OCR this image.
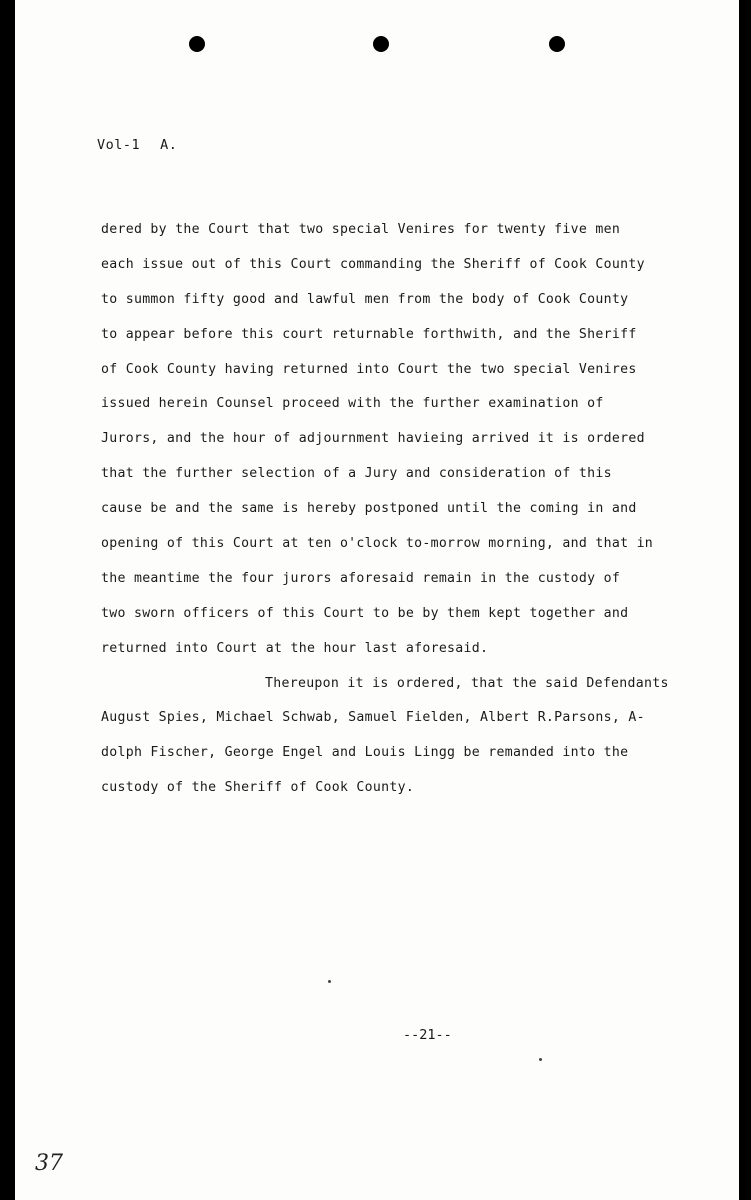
Vol-1 A.
dered by the Court that two special Venires for twenty five men
each issue out of this Court commanding the Sheriff of Cook County
to summon fifty good and lawful men from the body of Cook County
to appear before this court returnable forthwith, and the Sheriff
of Cook County having returned into Court the two special Venires
issued herein Counsel proceed with the further examination of
Jurors, and the hour of adjournment havieing arrived it is ordered
that the further selection of a Jury and consideration of this
cause be and the same is hereby postponed until the coming in and
opening of this Court at ten o'clock to-morrow morning, and that in
the meantime the four jurors aforesaid remain in the custody of
two sworn officers of this Court to be by them kept together and
returned into Court at the hour last aforesaid.
Thereupon it is ordered, that the said Defendants
August Spies, Michael Schwab, Samuel Fielden, Albert R.Parsons, A-
dolph Fischer, George Engel and Louis Lingg be remanded into the
custody of the Sheriff of Cook County.
--21--
37
